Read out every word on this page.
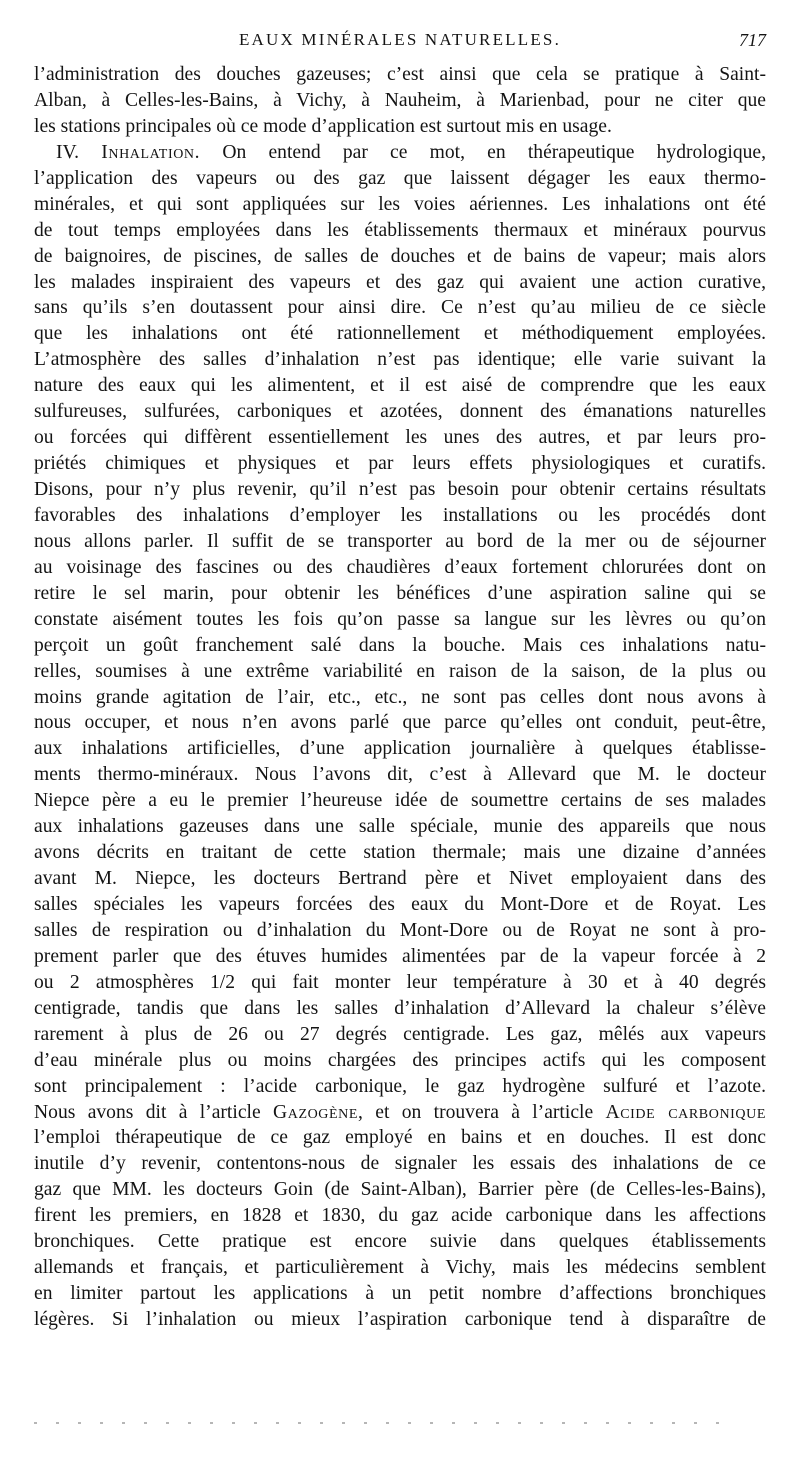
EAUX MINÉRALES NATURELLES.	717
l’administration des douches gazeuses; c’est ainsi que cela se pratique à Saint-
Alban, à Celles-les-Bains, à Vichy, à Nauheim, à Marienbad, pour ne citer que
les stations principales où ce mode d’application est surtout mis en usage.
IV. Inhalation. On entend par ce mot, en thérapeutique hydrologique,
l’application des vapeurs ou des gaz que laissent dégager les eaux thermo-
minérales, et qui sont appliquées sur les voies aériennes. Les inhalations ont été
de tout temps employées dans les établissements thermaux et minéraux pourvus
de baignoires, de piscines, de salles de douches et de bains de vapeur; mais alors
les malades inspiraient des vapeurs et des gaz qui avaient une action curative,
sans qu’ils s’en doutassent pour ainsi dire. Ce n’est qu’au milieu de ce siècle
que les inhalations ont été rationnellement et méthodiquement employées.
L’atmosphère des salles d’inhalation n’est pas identique; elle varie suivant la
nature des eaux qui les alimentent, et il est aisé de comprendre que les eaux
sulfureuses, sulfurées, carboniques et azotées, donnent des émanations naturelles
ou forcées qui diffèrent essentiellement les unes des autres, et par leurs pro-
priétés chimiques et physiques et par leurs effets physiologiques et curatifs.
Disons, pour n’y plus revenir, qu’il n’est pas besoin pour obtenir certains résultats
favorables des inhalations d’employer les installations ou les procédés dont
nous allons parler. Il suffit de se transporter au bord de la mer ou de séjourner
au voisinage des fascines ou des chaudières d’eaux fortement chlorurées dont on
retire le sel marin, pour obtenir les bénéfices d’une aspiration saline qui se
constate aisément toutes les fois qu’on passe sa langue sur les lèvres ou qu’on
perçoit un goût franchement salé dans la bouche. Mais ces inhalations natu-
relles, soumises à une extrême variabilité en raison de la saison, de la plus ou
moins grande agitation de l’air, etc., etc., ne sont pas celles dont nous avons à
nous occuper, et nous n’en avons parlé que parce qu’elles ont conduit, peut-être,
aux inhalations artificielles, d’une application journalière à quelques établisse-
ments thermo-minéraux. Nous l’avons dit, c’est à Allevard que M. le docteur
Niepce père a eu le premier l’heureuse idée de soumettre certains de ses malades
aux inhalations gazeuses dans une salle spéciale, munie des appareils que nous
avons décrits en traitant de cette station thermale; mais une dizaine d’années
avant M. Niepce, les docteurs Bertrand père et Nivet employaient dans des
salles spéciales les vapeurs forcées des eaux du Mont-Dore et de Royat. Les
salles de respiration ou d’inhalation du Mont-Dore ou de Royat ne sont à pro-
prement parler que des étuves humides alimentées par de la vapeur forcée à 2
ou 2 atmosphères 1/2 qui fait monter leur température à 30 et à 40 degrés
centigrade, tandis que dans les salles d’inhalation d’Allevard la chaleur s’élève
rarement à plus de 26 ou 27 degrés centigrade. Les gaz, mêlés aux vapeurs
d’eau minérale plus ou moins chargées des principes actifs qui les composent
sont principalement : l’acide carbonique, le gaz hydrogène sulfuré et l’azote.
Nous avons dit à l’article Gazogène, et on trouvera à l’article Acide carbonique
l’emploi thérapeutique de ce gaz employé en bains et en douches. Il est donc
inutile d’y revenir, contentons-nous de signaler les essais des inhalations de ce
gaz que MM. les docteurs Goin (de Saint-Alban), Barrier père (de Celles-les-Bains),
firent les premiers, en 1828 et 1830, du gaz acide carbonique dans les affections
bronchiques. Cette pratique est encore suivie dans quelques établissements
allemands et français, et particulièrement à Vichy, mais les médecins semblent
en limiter partout les applications à un petit nombre d’affections bronchiques
légères. Si l’inhalation ou mieux l’aspiration carbonique tend à disparaître de
